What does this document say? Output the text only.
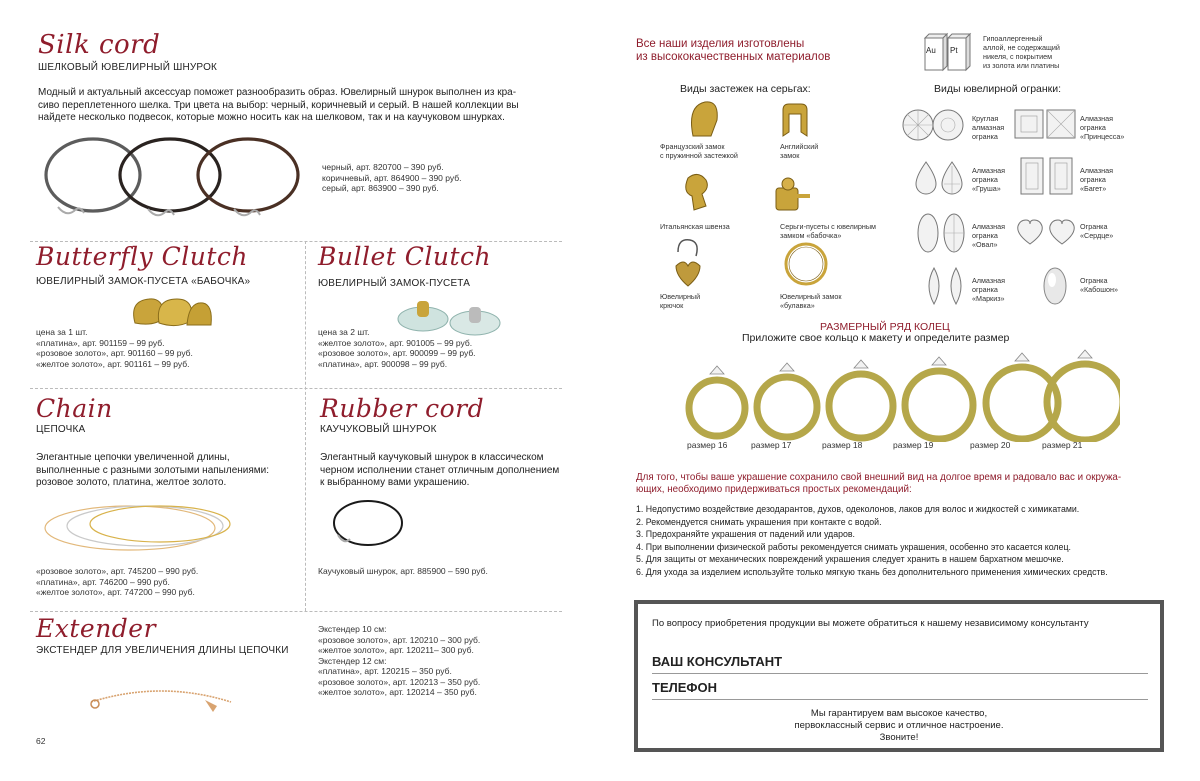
Silk cord
ШЕЛКОВЫЙ ЮВЕЛИРНЫЙ ШНУРОК
Модный и актуальный аксессуар поможет разнообразить образ. Ювелирный шнурок выполнен из кра-
сиво переплетенного шелка. Три цвета на выбор: черный, коричневый и серый. В нашей коллекции вы
найдете несколько подвесок, которые можно носить как на шелковом, так и на каучуковом шнурках.
черный, арт. 820700 – 390 руб.
коричневый, арт. 864900 – 390 руб.
серый, арт. 863900 – 390 руб.
Butterfly Clutch
ЮВЕЛИРНЫЙ ЗАМОК-ПУСЕТА «БАБОЧКА»
цена за 1 шт.
«платина», арт. 901159 – 99 руб.
«розовое золото», арт. 901160 – 99 руб.
«желтое золото», арт. 901161 – 99 руб.
Bullet Clutch
ЮВЕЛИРНЫЙ ЗАМОК-ПУСЕТА
цена за 2 шт.
«желтое золото», арт. 901005 – 99 руб.
«розовое золото», арт. 900099 – 99 руб.
«платина», арт. 900098 – 99 руб.
Chain
ЦЕПОЧКА
Элегантные цепочки увеличенной длины,
выполненные с разными золотыми напылениями:
розовое золото, платина, желтое золото.
«розовое золото», арт. 745200 – 990 руб.
«платина», арт. 746200 – 990 руб.
«желтое золото», арт. 747200 – 990 руб.
Rubber cord
КАУЧУКОВЫЙ ШНУРОК
Элегантный каучуковый шнурок в классическом
черном исполнении станет отличным дополнением
к выбранному вами украшению.
Каучуковый шнурок, арт. 885900 – 590 руб.
Extender
ЭКСТЕНДЕР ДЛЯ УВЕЛИЧЕНИЯ ДЛИНЫ ЦЕПОЧКИ
Экстендер 10 см:
«розовое золото», арт. 120210 – 300 руб.
«желтое золото», арт. 120211– 300 руб.
Экстендер 12 см:
«платина», арт. 120215 – 350 руб.
«розовое золото», арт. 120213 – 350 руб.
«желтое золото», арт. 120214 – 350 руб.
62
Все наши изделия изготовлены
из высококачественных материалов
Au Pt
Гипоаллергенный
аллой, не содержащий
никеля, с покрытием
из золота или платины
Виды застежек на серьгах:	Виды ювелирной огранки:
Французский замок
с пружинной застежкой
Английский
замок
Итальянская швенза	Серьги-пусеты с ювелирным
замком «бабочка»
Ювелирный
крючок
Ювелирный замок
«булавка»
Круглая
алмазная
огранка
Алмазная
огранка
«Принцесса»
Алмазная
огранка
«Груша»
Алмазная
огранка
«Багет»
Алмазная
огранка
«Овал»
Огранка
«Сердце»
Алмазная
огранка
«Маркиз»
Огранка
«Кабошон»
РАЗМЕРНЫЙ РЯД КОЛЕЦ
Приложите свое кольцо к макету и определите размер
размер 16	размер 17	размер 18	размер 19	размер 20	размер 21
Для того, чтобы ваше украшение сохранило свой внешний вид на долгое время и радовало вас и окружа-
ющих, необходимо придерживаться простых рекомендаций:
1. Недопустимо воздействие дезодарантов, духов, одеколонов, лаков для волос и жидкостей с химикатами.
2. Рекомендуется снимать украшения при контакте с водой.
3. Предохраняйте украшения от падений или ударов.
4. При выполнении физической работы рекомендуется снимать украшения, особенно это касается колец.
5. Для защиты от механических повреждений украшения следует хранить в нашем бархатном мешочке.
6. Для ухода за изделием используйте только мягкую ткань без дополнительного применения химических средств.
По вопросу приобретения продукции вы можете обратиться к нашему независимому консультанту
ВАШ КОНСУЛЬТАНТ
ТЕЛЕФОН
Мы гарантируем вам высокое качество,
первоклассный сервис и отличное настроение.
Звоните!
